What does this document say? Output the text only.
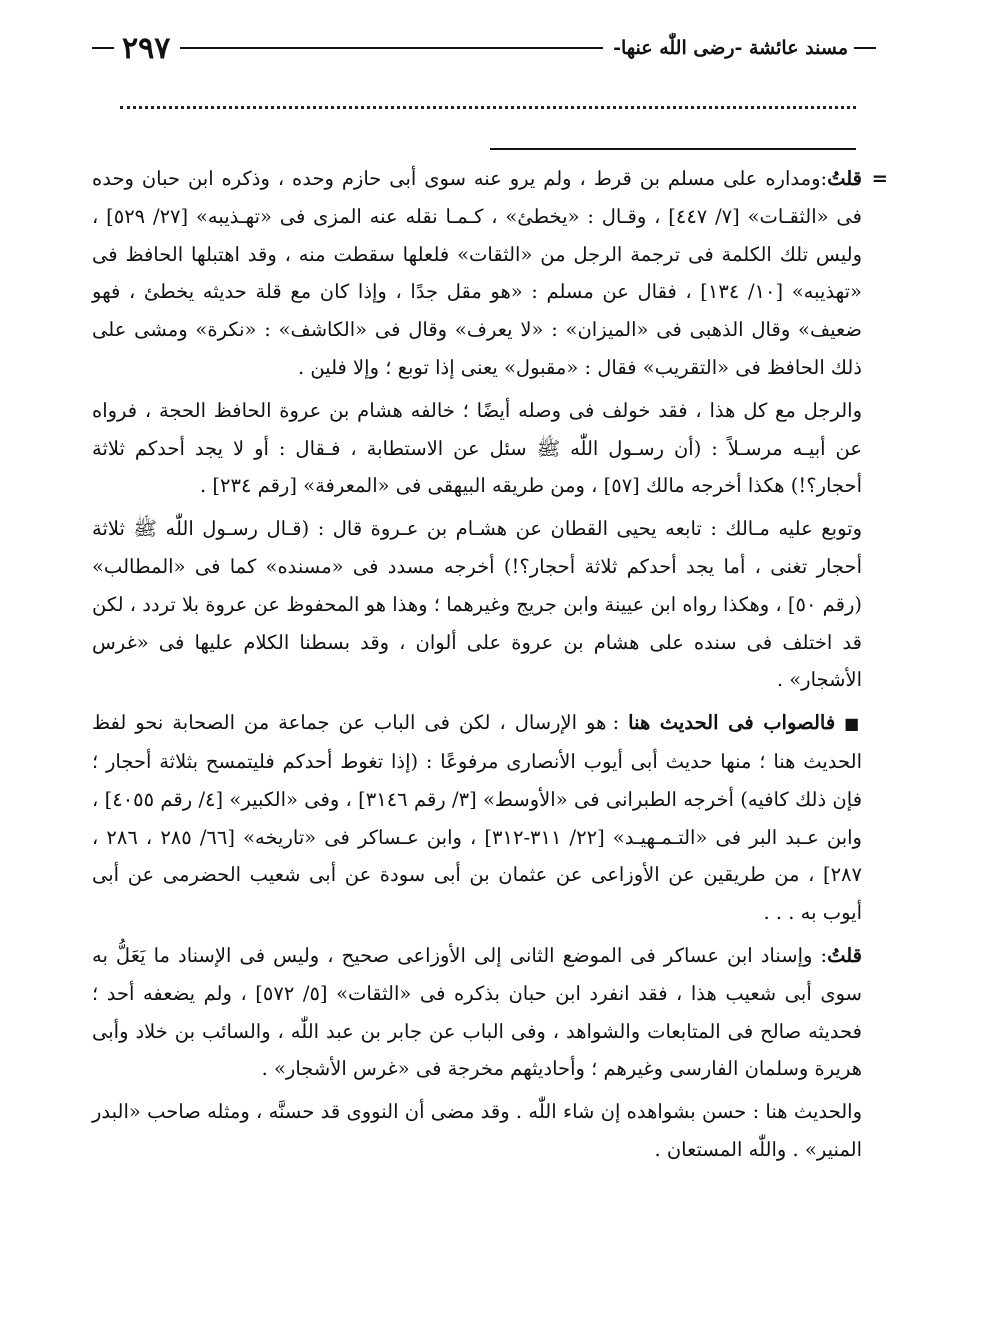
مسند عائشة -رضى اللّٰه عنها-
٢٩٧

=
قلتُ:ومداره على مسلم بن قرط ، ولم يرو عنه سوى أبى حازم وحده ، وذكره ابن حبان وحده فى «الثقـات» [٧/ ٤٤٧] ، وقـال : «يخطئ» ، كـمـا نقله عنه المزى فى «تهـذيبه» [٢٧/ ٥٢٩] ، وليس تلك الكلمة فى ترجمة الرجل من «الثقات» فلعلها سقطت منه ، وقد اهتبلها الحافظ فى «تهذيبه» [١٠/ ١٣٤] ، فقال عن مسلم : «هو مقل جدًا ، وإذا كان مع قلة حديثه يخطئ ، فهو ضعيف» وقال الذهبى فى «الميزان» : «لا يعرف» وقال فى «الكاشف» : «نكرة» ومشى على ذلك الحافظ فى «التقريب» فقال : «مقبول» يعنى إذا توبع ؛ وإلا فلين .

والرجل مع كل هذا ، فقد خولف فى وصله أيضًا ؛ خالفه هشام بن عروة الحافظ الحجة ، فرواه عن أبيـه مرسـلاً : (أن رسـول اللّٰه ﷺ سئل عن الاستطابة ، فـقال : أو لا يجد أحدكم ثلاثة أحجار؟!) هكذا أخرجه مالك [٥٧] ، ومن طريقه البيهقى فى «المعرفة» [رقم ٢٣٤] .

وتوبع عليه مـالك : تابعه يحيى القطان عن هشـام بن عـروة قال : (قـال رسـول اللّٰه ﷺ ثلاثة أحجار تغنى ، أما يجد أحدكم ثلاثة أحجار؟!) أخرجه مسدد فى «مسنده» كما فى «المطالب» (رقم ٥٠] ، وهكذا رواه ابن عيينة وابن جريج وغيرهما ؛ وهذا هو المحفوظ عن عروة بلا تردد ، لكن قد اختلف فى سنده على هشام بن عروة على ألوان ، وقد بسطنا الكلام عليها فى «غرس الأشجار» .

■ فالصواب فى الحديث هنا : هو الإرسال ، لكن فى الباب عن جماعة من الصحابة نحو لفظ الحديث هنا ؛ منها حديث أبى أيوب الأنصارى مرفوعًا : (إذا تغوط أحدكم فليتمسح بثلاثة أحجار ؛ فإن ذلك كافيه) أخرجه الطبرانى فى «الأوسط» [٣/ رقم ٣١٤٦] ، وفى «الكبير» [٤/ رقم ٤٠٥٥] ، وابن عـبد البر فى «التـمـهيـد» [٢٢/ ٣١١-٣١٢] ، وابن عـساكر فى «تاريخه» [٦٦/ ٢٨٥ ، ٢٨٦ ، ٢٨٧] ، من طريقين عن الأوزاعى عن عثمان بن أبى سودة عن أبى شعيب الحضرمى عن أبى أيوب به . . .

قلتُ: وإسناد ابن عساكر فى الموضع الثانى إلى الأوزاعى صحيح ، وليس فى الإسناد ما يَعَلُّ به سوى أبى شعيب هذا ، فقد انفرد ابن حبان بذكره فى «الثقات» [٥/ ٥٧٢] ، ولم يضعفه أحد ؛ فحديثه صالح فى المتابعات والشواهد ، وفى الباب عن جابر بن عبد اللّٰه ، والسائب بن خلاد وأبى هريرة وسلمان الفارسى وغيرهم ؛ وأحاديثهم مخرجة فى «غرس الأشجار» .

والحديث هنا : حسن بشواهده إن شاء اللّٰه . وقد مضى أن النووى قد حسنَّه ، ومثله صاحب «البدر المنير» . واللّٰه المستعان .
